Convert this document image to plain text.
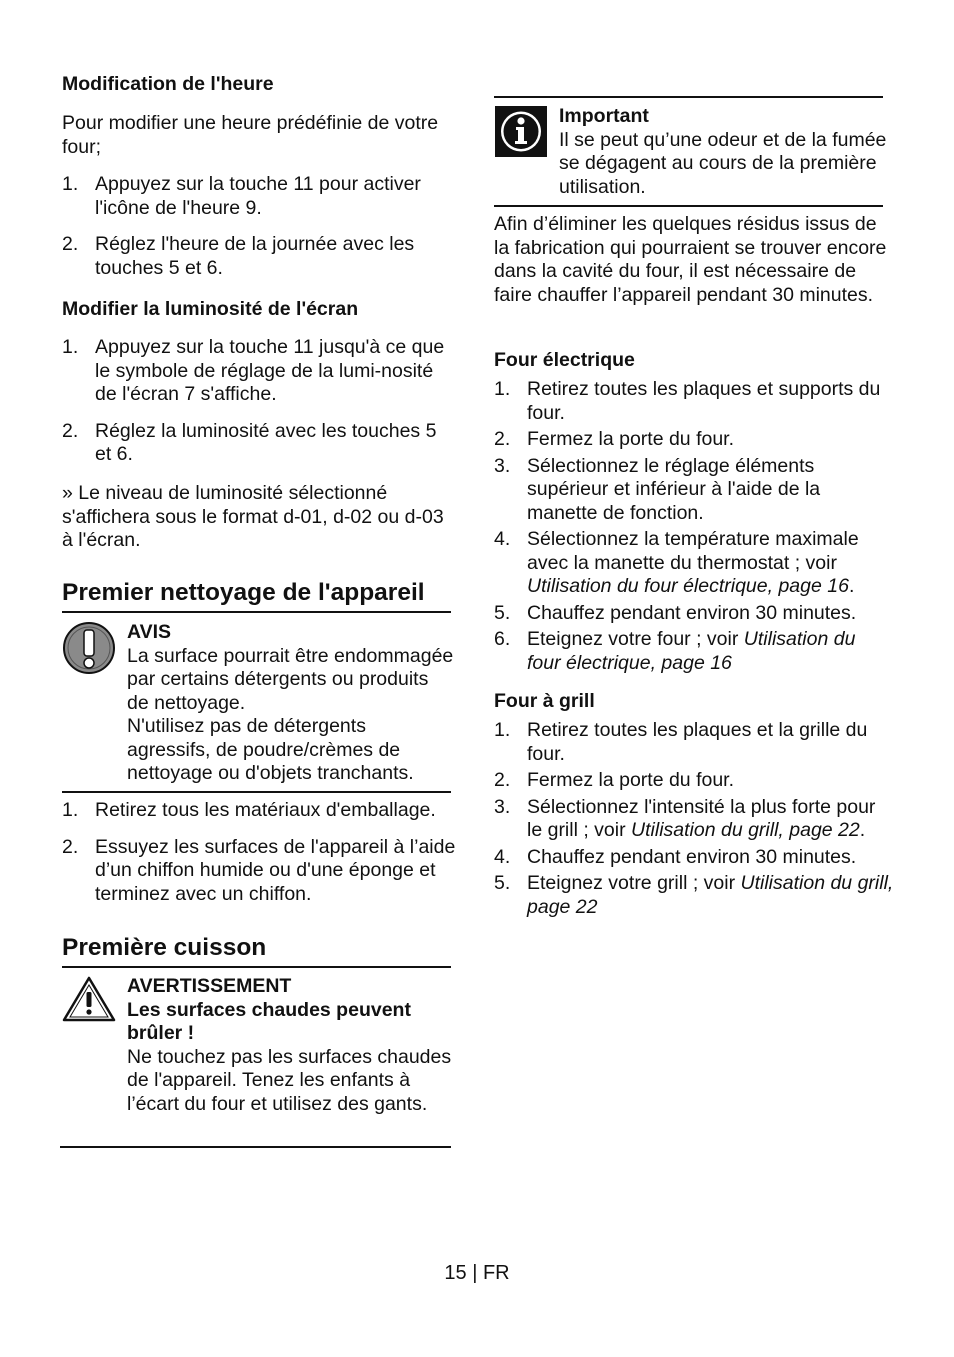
Modification de l'heure

Pour modifier une heure prédéfinie de votre four;

1. Appuyez sur la touche 11 pour activer l'icône de l'heure 9.
2. Réglez l'heure de la journée avec les touches 5 et 6.
Modifier la luminosité de l'écran
1. Appuyez sur la touche 11 jusqu'à ce que le symbole de réglage de la lumi-nosité de l'écran 7 s'affiche.
2. Réglez la luminosité avec les touches 5 et 6.

» Le niveau de luminosité sélectionné s'affichera sous le format d-01, d-02 ou d-03 à l'écran.

Premier nettoyage de l'appareil
AVIS

La surface pourrait être endommagée par certains détergents ou produits de nettoyage.

N'utilisez pas de détergents agressifs, de poudre/crèmes de nettoyage ou d'objets tranchants.

1. Retirez tous les matériaux d'emballage.
2. Essuyez les surfaces de l'appareil à l’aide d’un chiffon humide ou d'une éponge et terminez avec un chiffon.
Première cuisson
AVERTISSEMENT
Les surfaces chaudes peuvent brûler !

Ne touchez pas les surfaces chaudes de l'appareil. Tenez les enfants à l’écart du four et utilisez des gants.

Important

Il se peut qu’une odeur et de la fumée se dégagent au cours de la première utilisation.

Afin d’éliminer les quelques résidus issus de la fabrication qui pourraient se trouver encore dans la cavité du four, il est nécessaire de faire chauffer l’appareil pendant 30 minutes.

Four électrique
1. Retirez toutes les plaques et supports du four.
2. Fermez la porte du four.
3. Sélectionnez le réglage éléments supérieur et inférieur à l'aide de la manette de fonction.
4. Sélectionnez la température maximale avec la manette du thermostat ; voir Utilisation du four électrique, page 16.
5. Chauffez pendant environ 30 minutes.
6. Eteignez votre four ; voir Utilisation du four électrique, page 16
Four à grill
1. Retirez toutes les plaques et la grille du four.
2. Fermez la porte du four.
3. Sélectionnez l'intensité la plus forte pour le grill ; voir Utilisation du grill, page 22.
4. Chauffez pendant environ 30 minutes.
5. Eteignez votre grill ; voir Utilisation du grill, page 22
15 | FR
